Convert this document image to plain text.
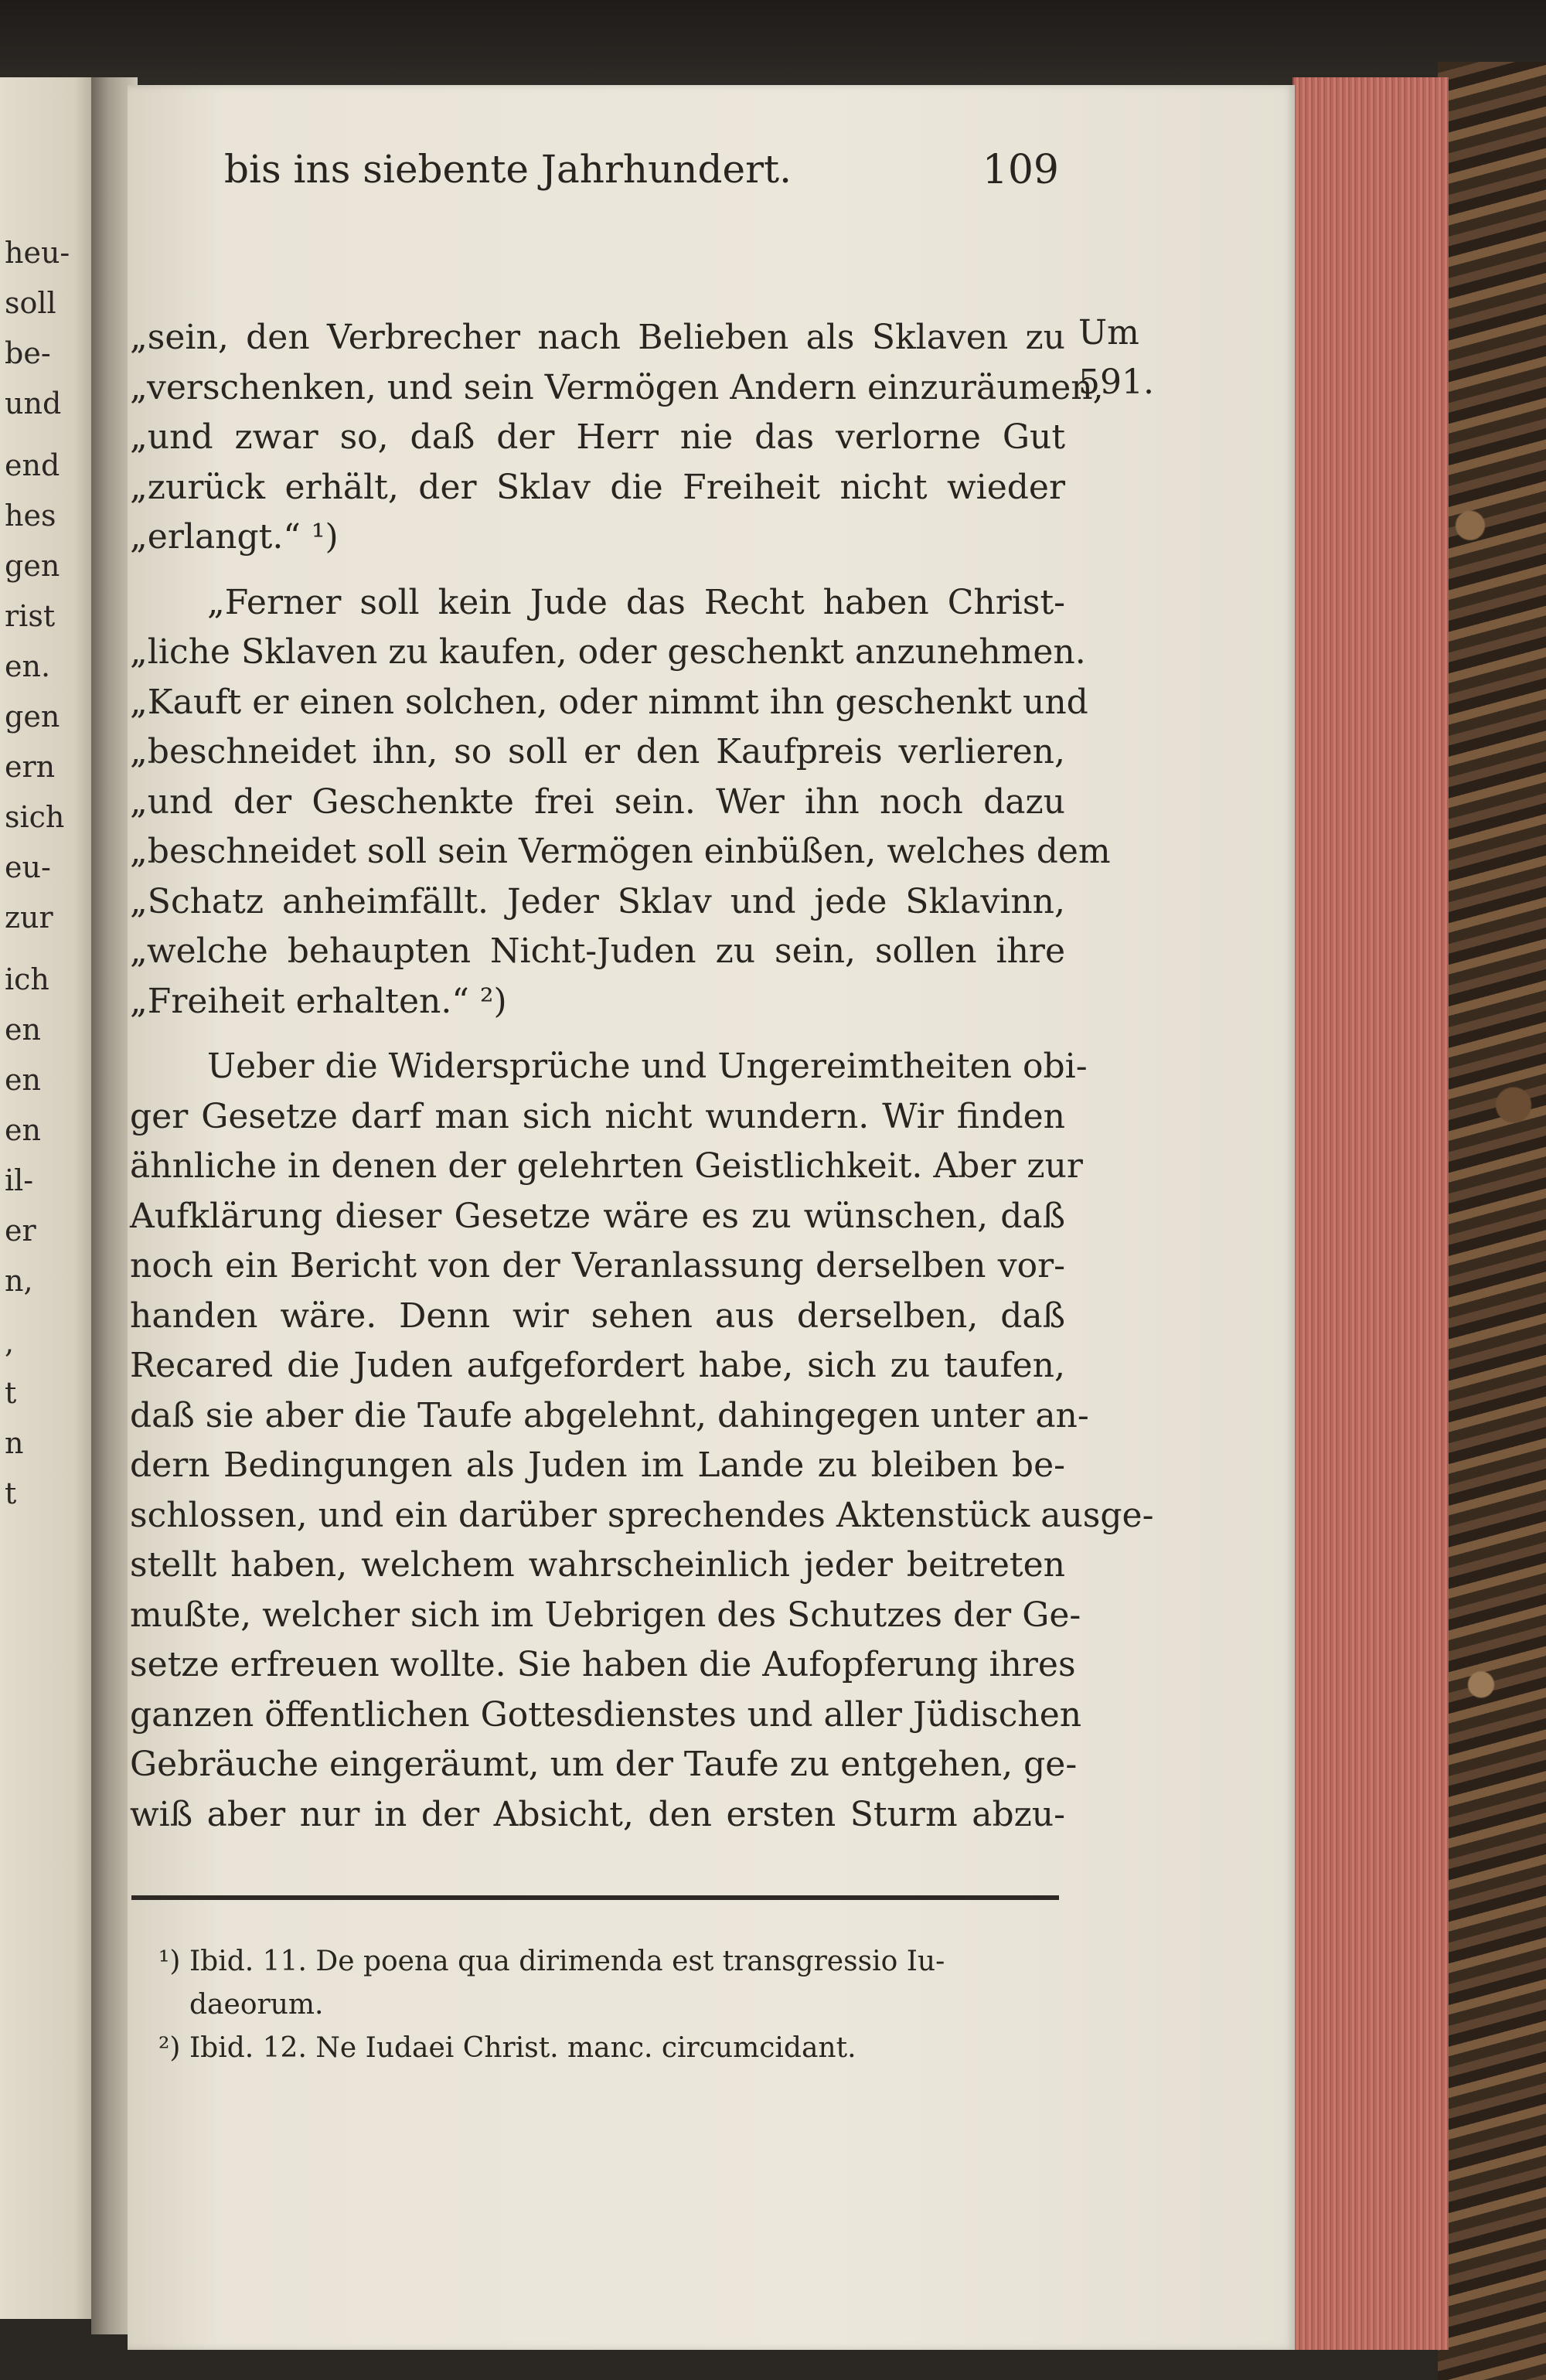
heu-
soll
be-
und
end
hes
gen
rist
en.
gen
ern
sich
eu-
zur
ich
en
en
en
il-
er
n,
,
t
n
t
bis ins siebente Jahrhundert.	109
Um
591.
„sein, den Verbrecher nach Belieben als Sklaven zu
„verschenken, und sein Vermögen Andern einzuräumen,
„und zwar so, daß der Herr nie das verlorne Gut
„zurück erhält, der Sklav die Freiheit nicht wieder
„erlangt.“ ¹)
„Ferner soll kein Jude das Recht haben Christ-
„liche Sklaven zu kaufen, oder geschenkt anzunehmen.
„Kauft er einen solchen, oder nimmt ihn geschenkt und
„beschneidet ihn, so soll er den Kaufpreis verlieren,
„und der Geschenkte frei sein. Wer ihn noch dazu
„beschneidet soll sein Vermögen einbüßen, welches dem
„Schatz anheimfällt. Jeder Sklav und jede Sklavinn,
„welche behaupten Nicht-Juden zu sein, sollen ihre
„Freiheit erhalten.“ ²)
Ueber die Widersprüche und Ungereimtheiten obi-
ger Gesetze darf man sich nicht wundern. Wir finden
ähnliche in denen der gelehrten Geistlichkeit. Aber zur
Aufklärung dieser Gesetze wäre es zu wünschen, daß
noch ein Bericht von der Veranlassung derselben vor-
handen wäre. Denn wir sehen aus derselben, daß
Recared die Juden aufgefordert habe, sich zu taufen,
daß sie aber die Taufe abgelehnt, dahingegen unter an-
dern Bedingungen als Juden im Lande zu bleiben be-
schlossen, und ein darüber sprechendes Aktenstück ausge-
stellt haben, welchem wahrscheinlich jeder beitreten
mußte, welcher sich im Uebrigen des Schutzes der Ge-
setze erfreuen wollte. Sie haben die Aufopferung ihres
ganzen öffentlichen Gottesdienstes und aller Jüdischen
Gebräuche eingeräumt, um der Taufe zu entgehen, ge-
wiß aber nur in der Absicht, den ersten Sturm abzu-
¹) Ibid. 11. De poena qua dirimenda est transgressio Iu-
daeorum.
²) Ibid. 12. Ne Iudaei Christ. manc. circumcidant.
